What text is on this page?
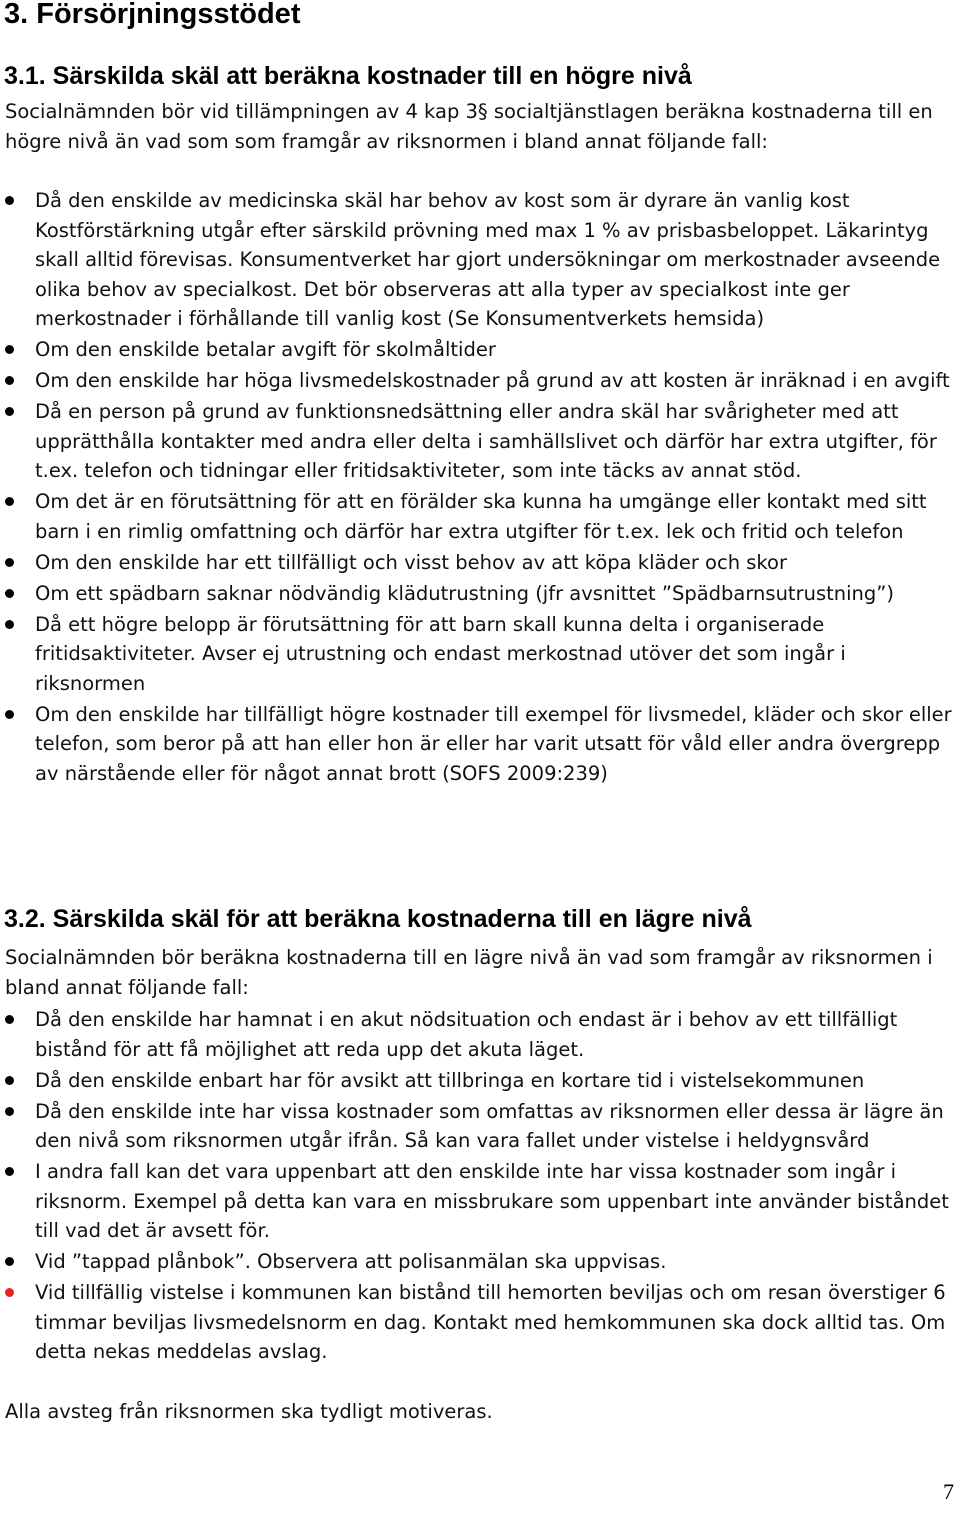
3. Försörjningsstödet
3.1. Särskilda skäl att beräkna kostnader till en högre nivå

Socialnämnden bör vid tillämpningen av 4 kap 3§ socialtjänstlagen beräkna kostnaderna till en högre nivå än vad som som framgår av riksnormen i bland annat följande fall:

Då den enskilde av medicinska skäl har behov av kost som är dyrare än vanlig kost Kostförstärkning utgår efter särskild prövning med max 1 % av prisbasbeloppet. Läkarintyg skall alltid förevisas. Konsumentverket har gjort undersökningar om merkostnader avseende olika behov av specialkost. Det bör observeras att alla typer av specialkost inte ger merkostnader i förhållande till vanlig kost (Se Konsumentverkets hemsida)
Om den enskilde betalar avgift för skolmåltider
Om den enskilde har höga livsmedelskostnader på grund av att kosten är inräknad i en avgift
Då en person på grund av funktionsnedsättning eller andra skäl har svårigheter med att upprätthålla kontakter med andra eller delta i samhällslivet och därför har extra utgifter, för t.ex. telefon och tidningar eller fritidsaktiviteter, som inte täcks av annat stöd.
Om det är en förutsättning för att en förälder ska kunna ha umgänge eller kontakt med sitt barn i en rimlig omfattning och därför har extra utgifter för t.ex. lek och fritid och telefon
Om den enskilde har ett tillfälligt och visst behov av att köpa kläder och skor
Om ett spädbarn saknar nödvändig klädutrustning (jfr avsnittet ”Spädbarnsutrustning”)
Då ett högre belopp är förutsättning för att barn skall kunna delta i organiserade fritidsaktiviteter. Avser ej utrustning och endast merkostnad utöver det som ingår i riksnormen
Om den enskilde har tillfälligt högre kostnader till exempel för livsmedel, kläder och skor eller telefon, som beror på att han eller hon är eller har varit utsatt för våld eller andra övergrepp av närstående eller för något annat brott (SOFS 2009:239)
3.2. Särskilda skäl för att beräkna kostnaderna till en lägre nivå

Socialnämnden bör beräkna kostnaderna till en lägre nivå än vad som framgår av riksnormen i bland annat följande fall:

Då den enskilde har hamnat i en akut nödsituation och endast är i behov av ett tillfälligt bistånd för att få möjlighet att reda upp det akuta läget.
Då den enskilde enbart har för avsikt att tillbringa en kortare tid i vistelsekommunen
Då den enskilde inte har vissa kostnader som omfattas av riksnormen eller dessa är lägre än den nivå som riksnormen utgår ifrån. Så kan vara fallet under vistelse i heldygnsvård
I andra fall kan det vara uppenbart att den enskilde inte har vissa kostnader som ingår i riksnorm. Exempel på detta kan vara en missbrukare som uppenbart inte använder biståndet till vad det är avsett för.
Vid ”tappad plånbok”. Observera att polisanmälan ska uppvisas.
Vid tillfällig vistelse i kommunen kan bistånd till hemorten beviljas och om resan överstiger 6 timmar beviljas livsmedelsnorm en dag. Kontakt med hemkommunen ska dock alltid tas. Om detta nekas meddelas avslag.

Alla avsteg från riksnormen ska tydligt motiveras.

7
